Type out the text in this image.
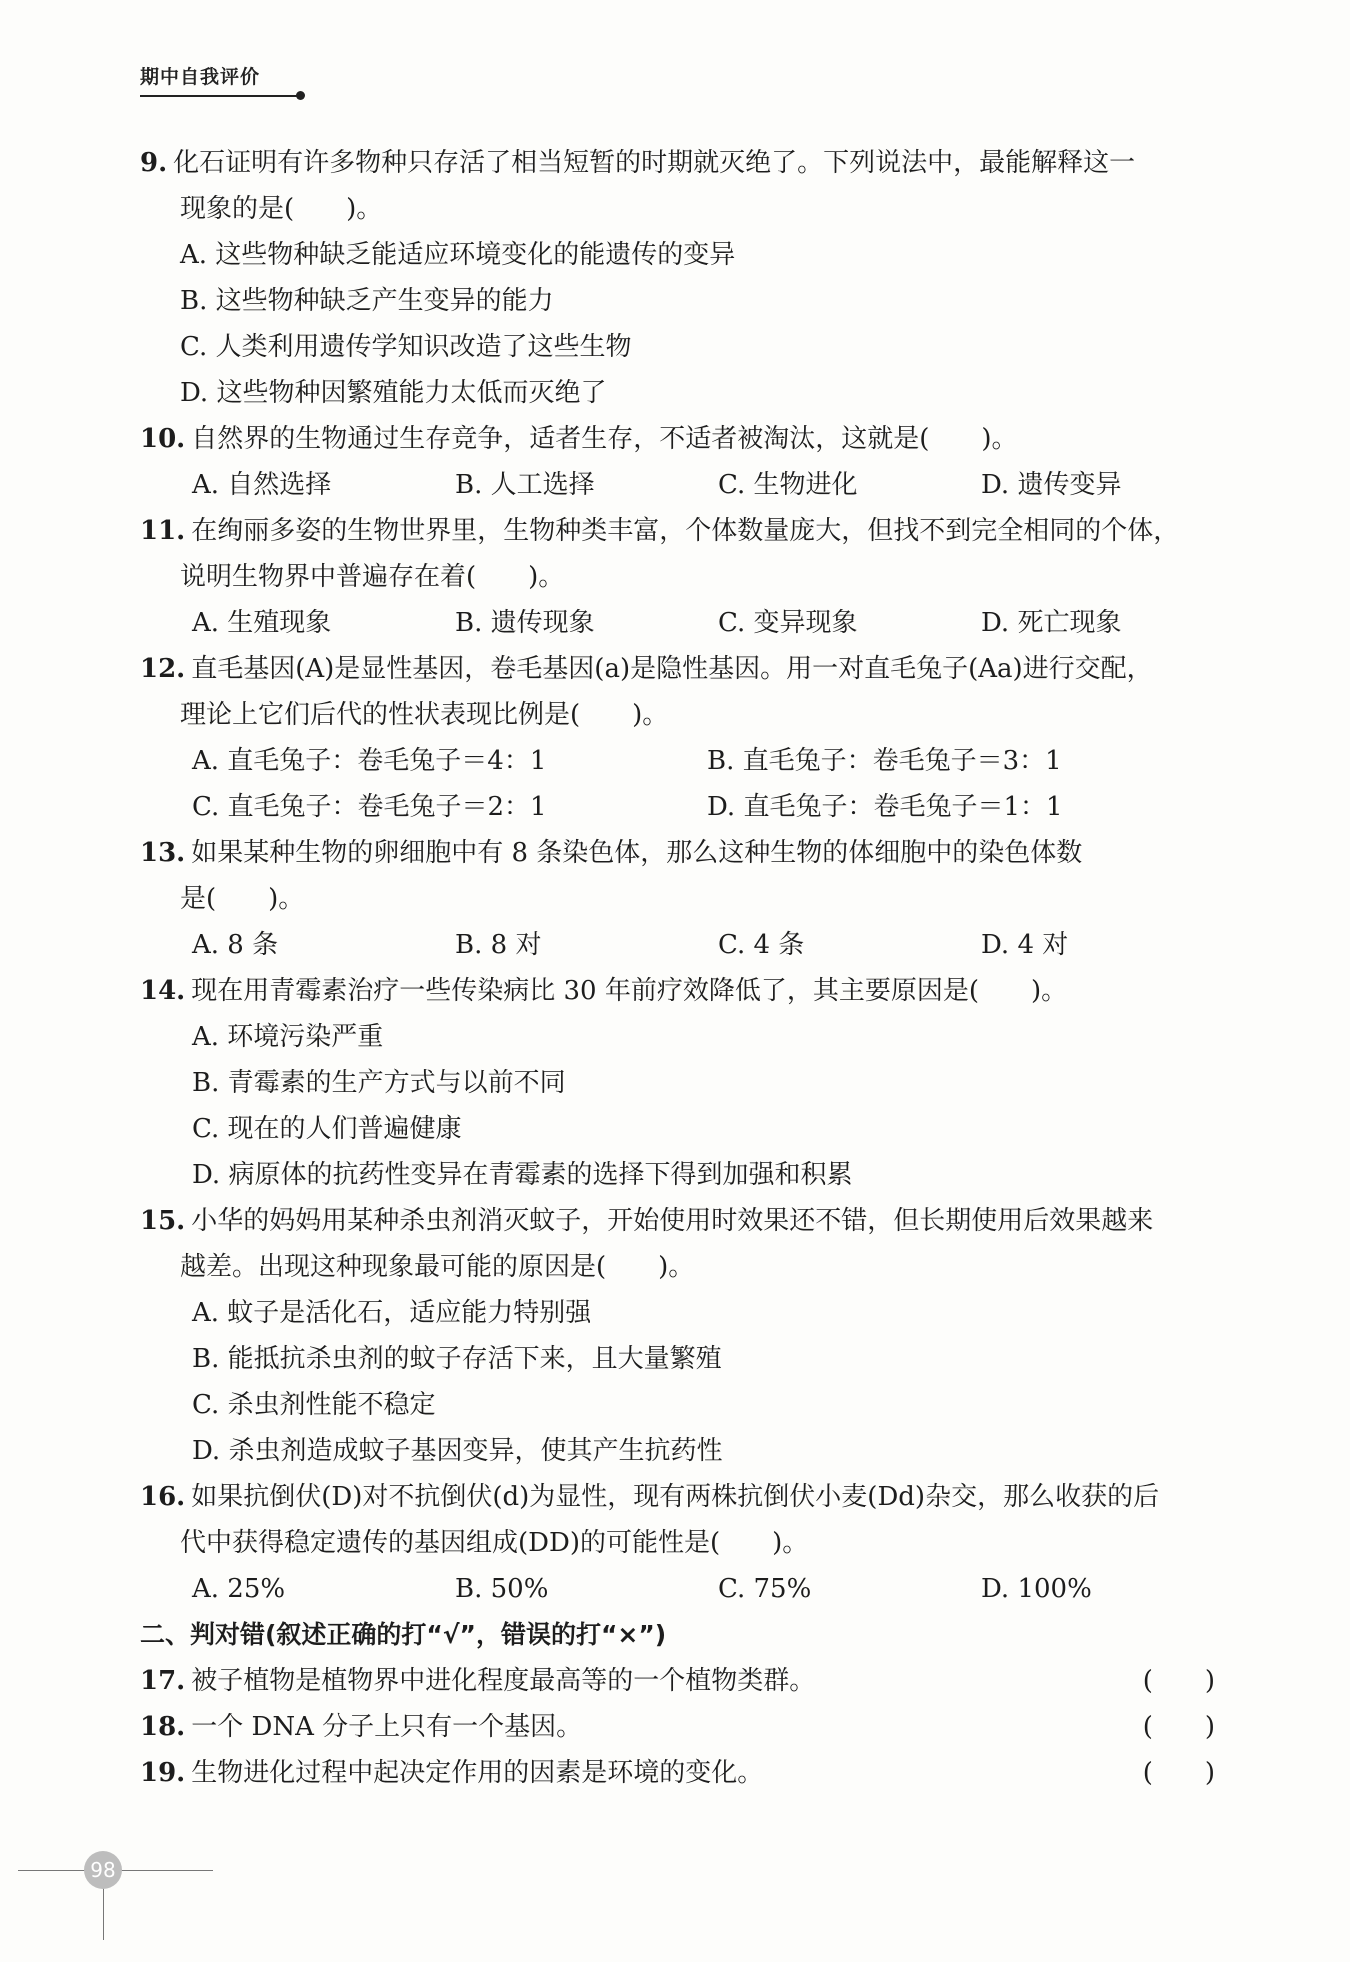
期中自我评价
9. 化石证明有许多物种只存活了相当短暂的时期就灭绝了。下列说法中，最能解释这一
现象的是(　　)。
A. 这些物种缺乏能适应环境变化的能遗传的变异
B. 这些物种缺乏产生变异的能力
C. 人类利用遗传学知识改造了这些生物
D. 这些物种因繁殖能力太低而灭绝了
10. 自然界的生物通过生存竞争，适者生存，不适者被淘汰，这就是(　　)。
A. 自然选择	B. 人工选择	C. 生物进化	D. 遗传变异
11. 在绚丽多姿的生物世界里，生物种类丰富，个体数量庞大，但找不到完全相同的个体，
说明生物界中普遍存在着(　　)。
A. 生殖现象	B. 遗传现象	C. 变异现象	D. 死亡现象
12. 直毛基因(A)是显性基因，卷毛基因(a)是隐性基因。用一对直毛兔子(Aa)进行交配，
理论上它们后代的性状表现比例是(　　)。
A. 直毛兔子：卷毛兔子＝4：1	B. 直毛兔子：卷毛兔子＝3：1
C. 直毛兔子：卷毛兔子＝2：1	D. 直毛兔子：卷毛兔子＝1：1
13. 如果某种生物的卵细胞中有 8 条染色体，那么这种生物的体细胞中的染色体数
是(　　)。
A. 8 条	B. 8 对	C. 4 条	D. 4 对
14. 现在用青霉素治疗一些传染病比 30 年前疗效降低了，其主要原因是(　　)。
A. 环境污染严重
B. 青霉素的生产方式与以前不同
C. 现在的人们普遍健康
D. 病原体的抗药性变异在青霉素的选择下得到加强和积累
15. 小华的妈妈用某种杀虫剂消灭蚊子，开始使用时效果还不错，但长期使用后效果越来
越差。出现这种现象最可能的原因是(　　)。
A. 蚊子是活化石，适应能力特别强
B. 能抵抗杀虫剂的蚊子存活下来，且大量繁殖
C. 杀虫剂性能不稳定
D. 杀虫剂造成蚊子基因变异，使其产生抗药性
16. 如果抗倒伏(D)对不抗倒伏(d)为显性，现有两株抗倒伏小麦(Dd)杂交，那么收获的后
代中获得稳定遗传的基因组成(DD)的可能性是(　　)。
A. 25%	B. 50%	C. 75%	D. 100%
二、判对错(叙述正确的打“√”，错误的打“×”)
17. 被子植物是植物界中进化程度最高等的一个植物类群。	(　　)
18. 一个 DNA 分子上只有一个基因。	(　　)
19. 生物进化过程中起决定作用的因素是环境的变化。	(　　)
98
